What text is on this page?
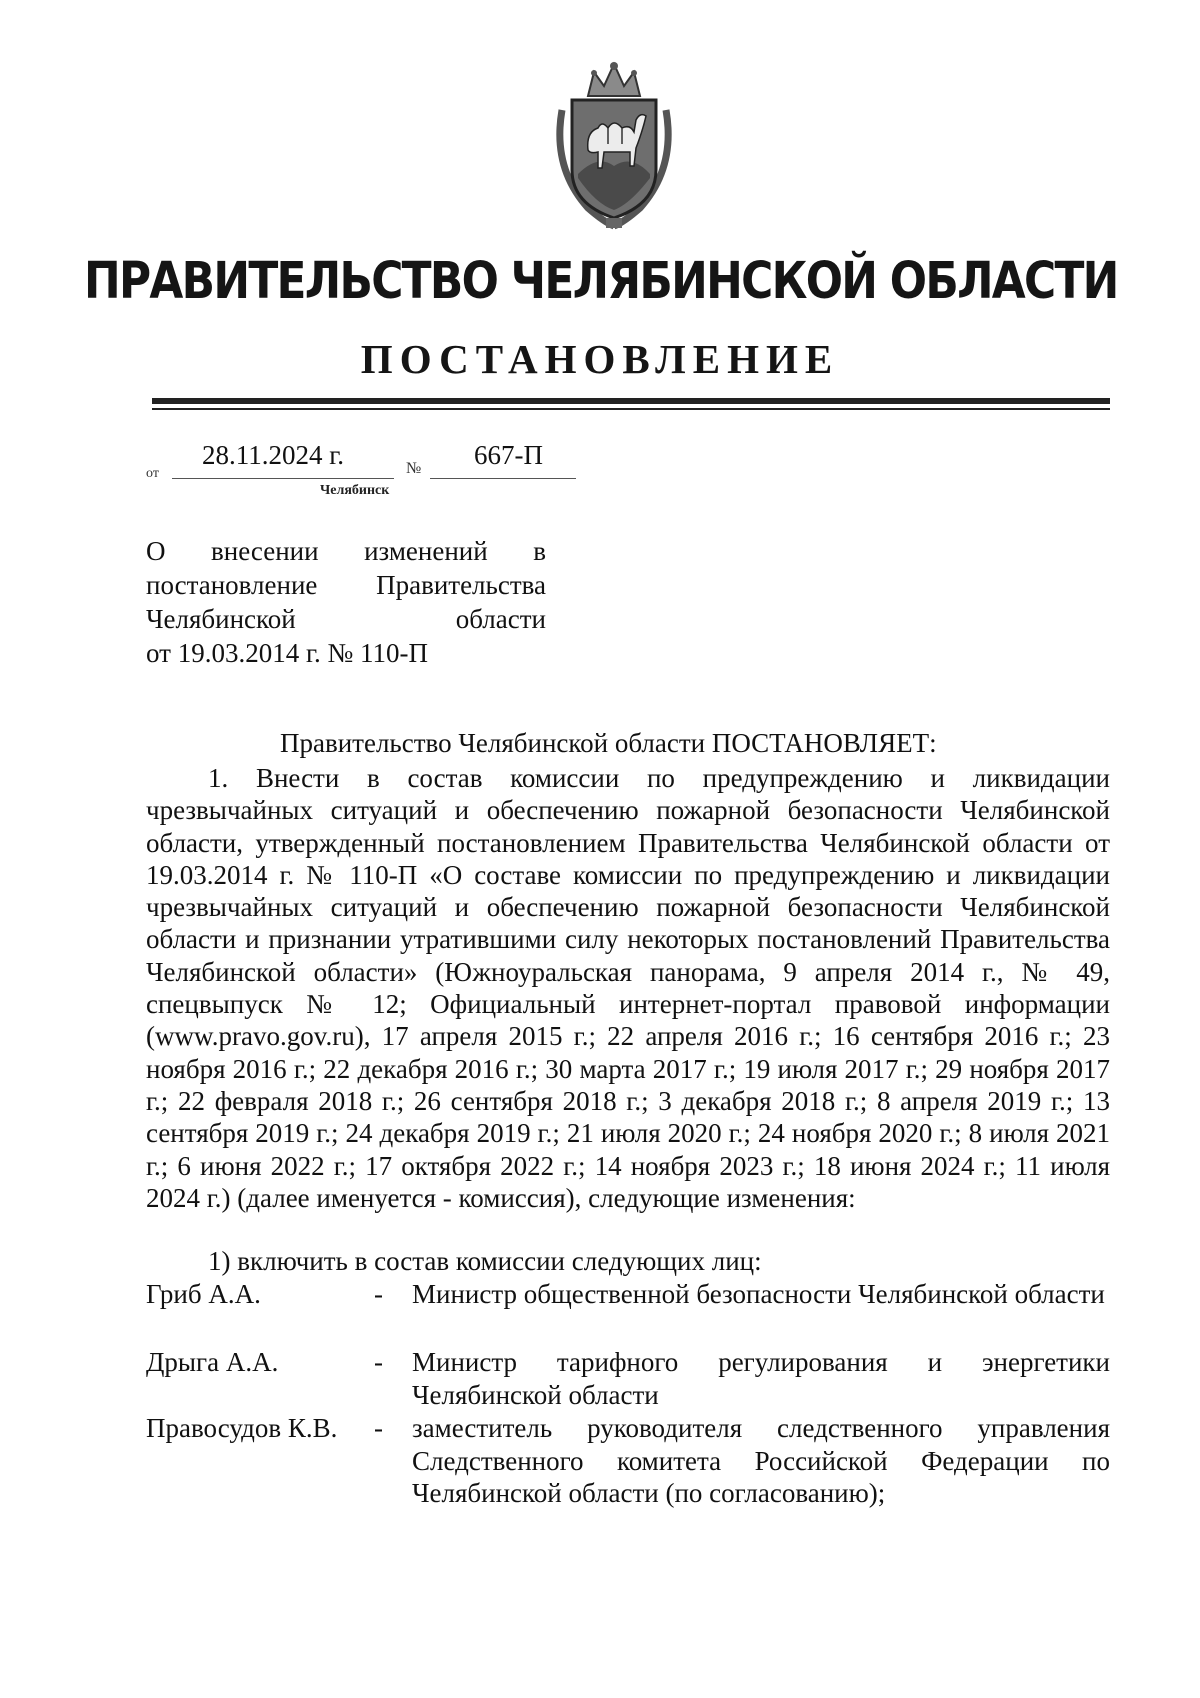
ПРАВИТЕЛЬСТВО ЧЕЛЯБИНСКОЙ ОБЛАСТИ
ПОСТАНОВЛЕНИЕ
от
28.11.2024 г.	№ 667-П
Челябинск
О внесении изменений в
постановление Правительства
Челябинской области
от 19.03.2014 г. № 110-П
Правительство Челябинской области ПОСТАНОВЛЯЕТ:

1. Внести в состав комиссии по предупреждению и ликвидации чрезвычайных ситуаций и обеспечению пожарной безопасности Челябинской области, утвержденный постановлением Правительства Челябинской области от 19.03.2014 г. № 110-П «О составе комиссии по предупреждению и ликвидации чрезвычайных ситуаций и обеспечению пожарной безопасности Челябинской области и признании утратившими силу некоторых постановлений Правительства Челябинской области» (Южноуральская панорама, 9 апреля 2014 г., № 49, спецвыпуск № 12; Официальный интернет-портал правовой информации (www.pravo.gov.ru), 17 апреля 2015 г.; 22 апреля 2016 г.; 16 сентября 2016 г.; 23 ноября 2016 г.; 22 декабря 2016 г.; 30 марта 2017 г.; 19 июля 2017 г.; 29 ноября 2017 г.; 22 февраля 2018 г.; 26 сентября 2018 г.; 3 декабря 2018 г.; 8 апреля 2019 г.; 13 сентября 2019 г.; 24 декабря 2019 г.; 21 июля 2020 г.; 24 ноября 2020 г.; 8 июля 2021 г.; 6 июня 2022 г.; 17 октября 2022 г.; 14 ноября 2023 г.; 18 июня 2024 г.; 11 июля 2024 г.) (далее именуется - комиссия), следующие изменения:

1) включить в состав комиссии следующих лиц:
Гриб А.А.	- Министр общественной безопасности Челябинской области
Дрыга А.А.	- Министр тарифного регулирования и энергетики Челябинской области
Правосудов К.В. - заместитель руководителя следственного управления Следственного комитета Российской Федерации по Челябинской области (по согласованию);
